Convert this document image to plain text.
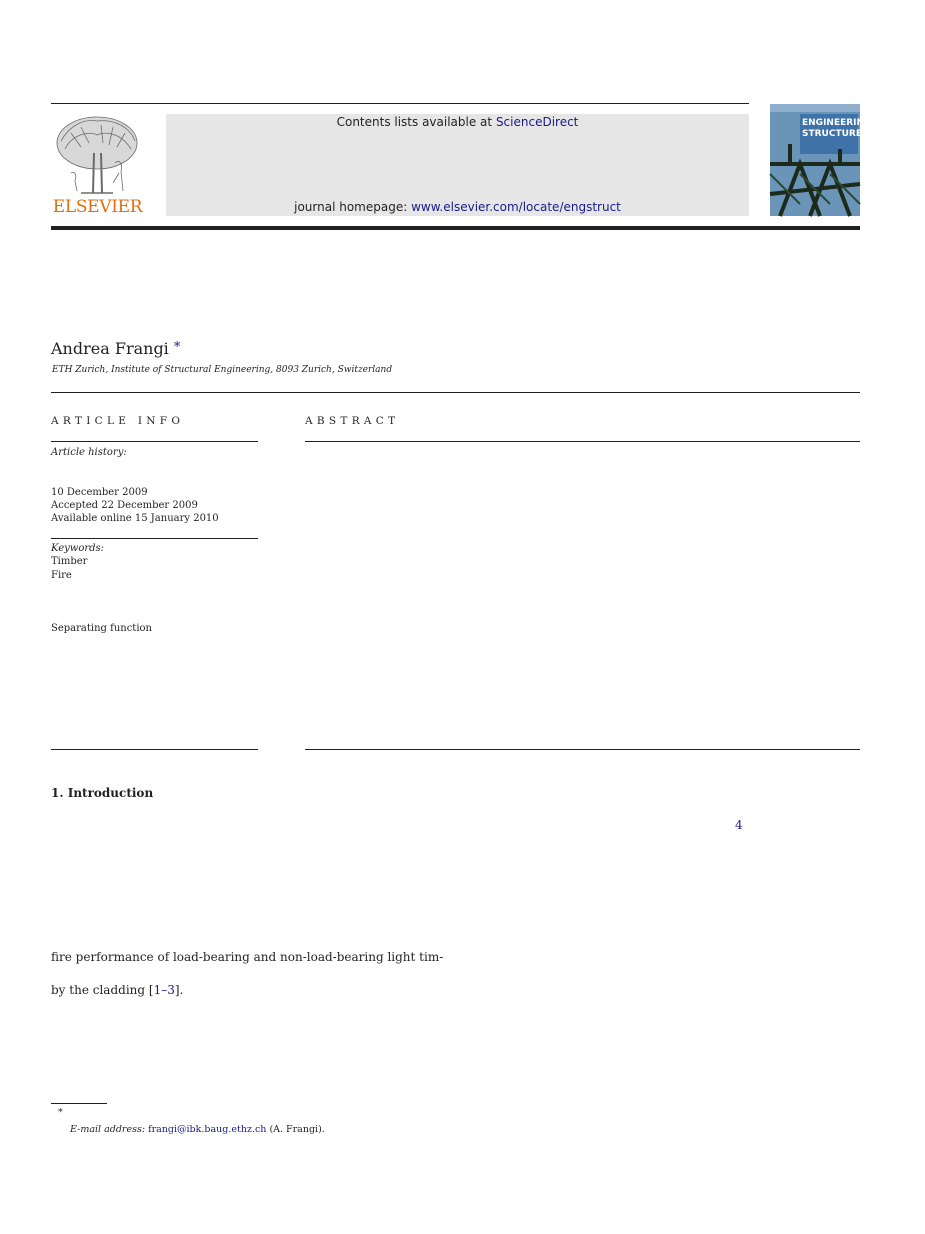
ELSEVIER
Contents lists available at ScienceDirect
journal homepage: www.elsevier.com/locate/engstruct
ENGINEERING STRUCTURES
Andrea Frangi *
ETH Zurich, Institute of Structural Engineering, 8093 Zurich, Switzerland
ARTICLE INFO
Article history:
10 December 2009
Accepted 22 December 2009
Available online 15 January 2010
Keywords:
Timber
Fire
Separating function
ABSTRACT
1. Introduction
4
fire performance of load-bearing and non-load-bearing light tim-
by the cladding [1–3].
*
E-mail address: frangi@ibk.baug.ethz.ch (A. Frangi).
